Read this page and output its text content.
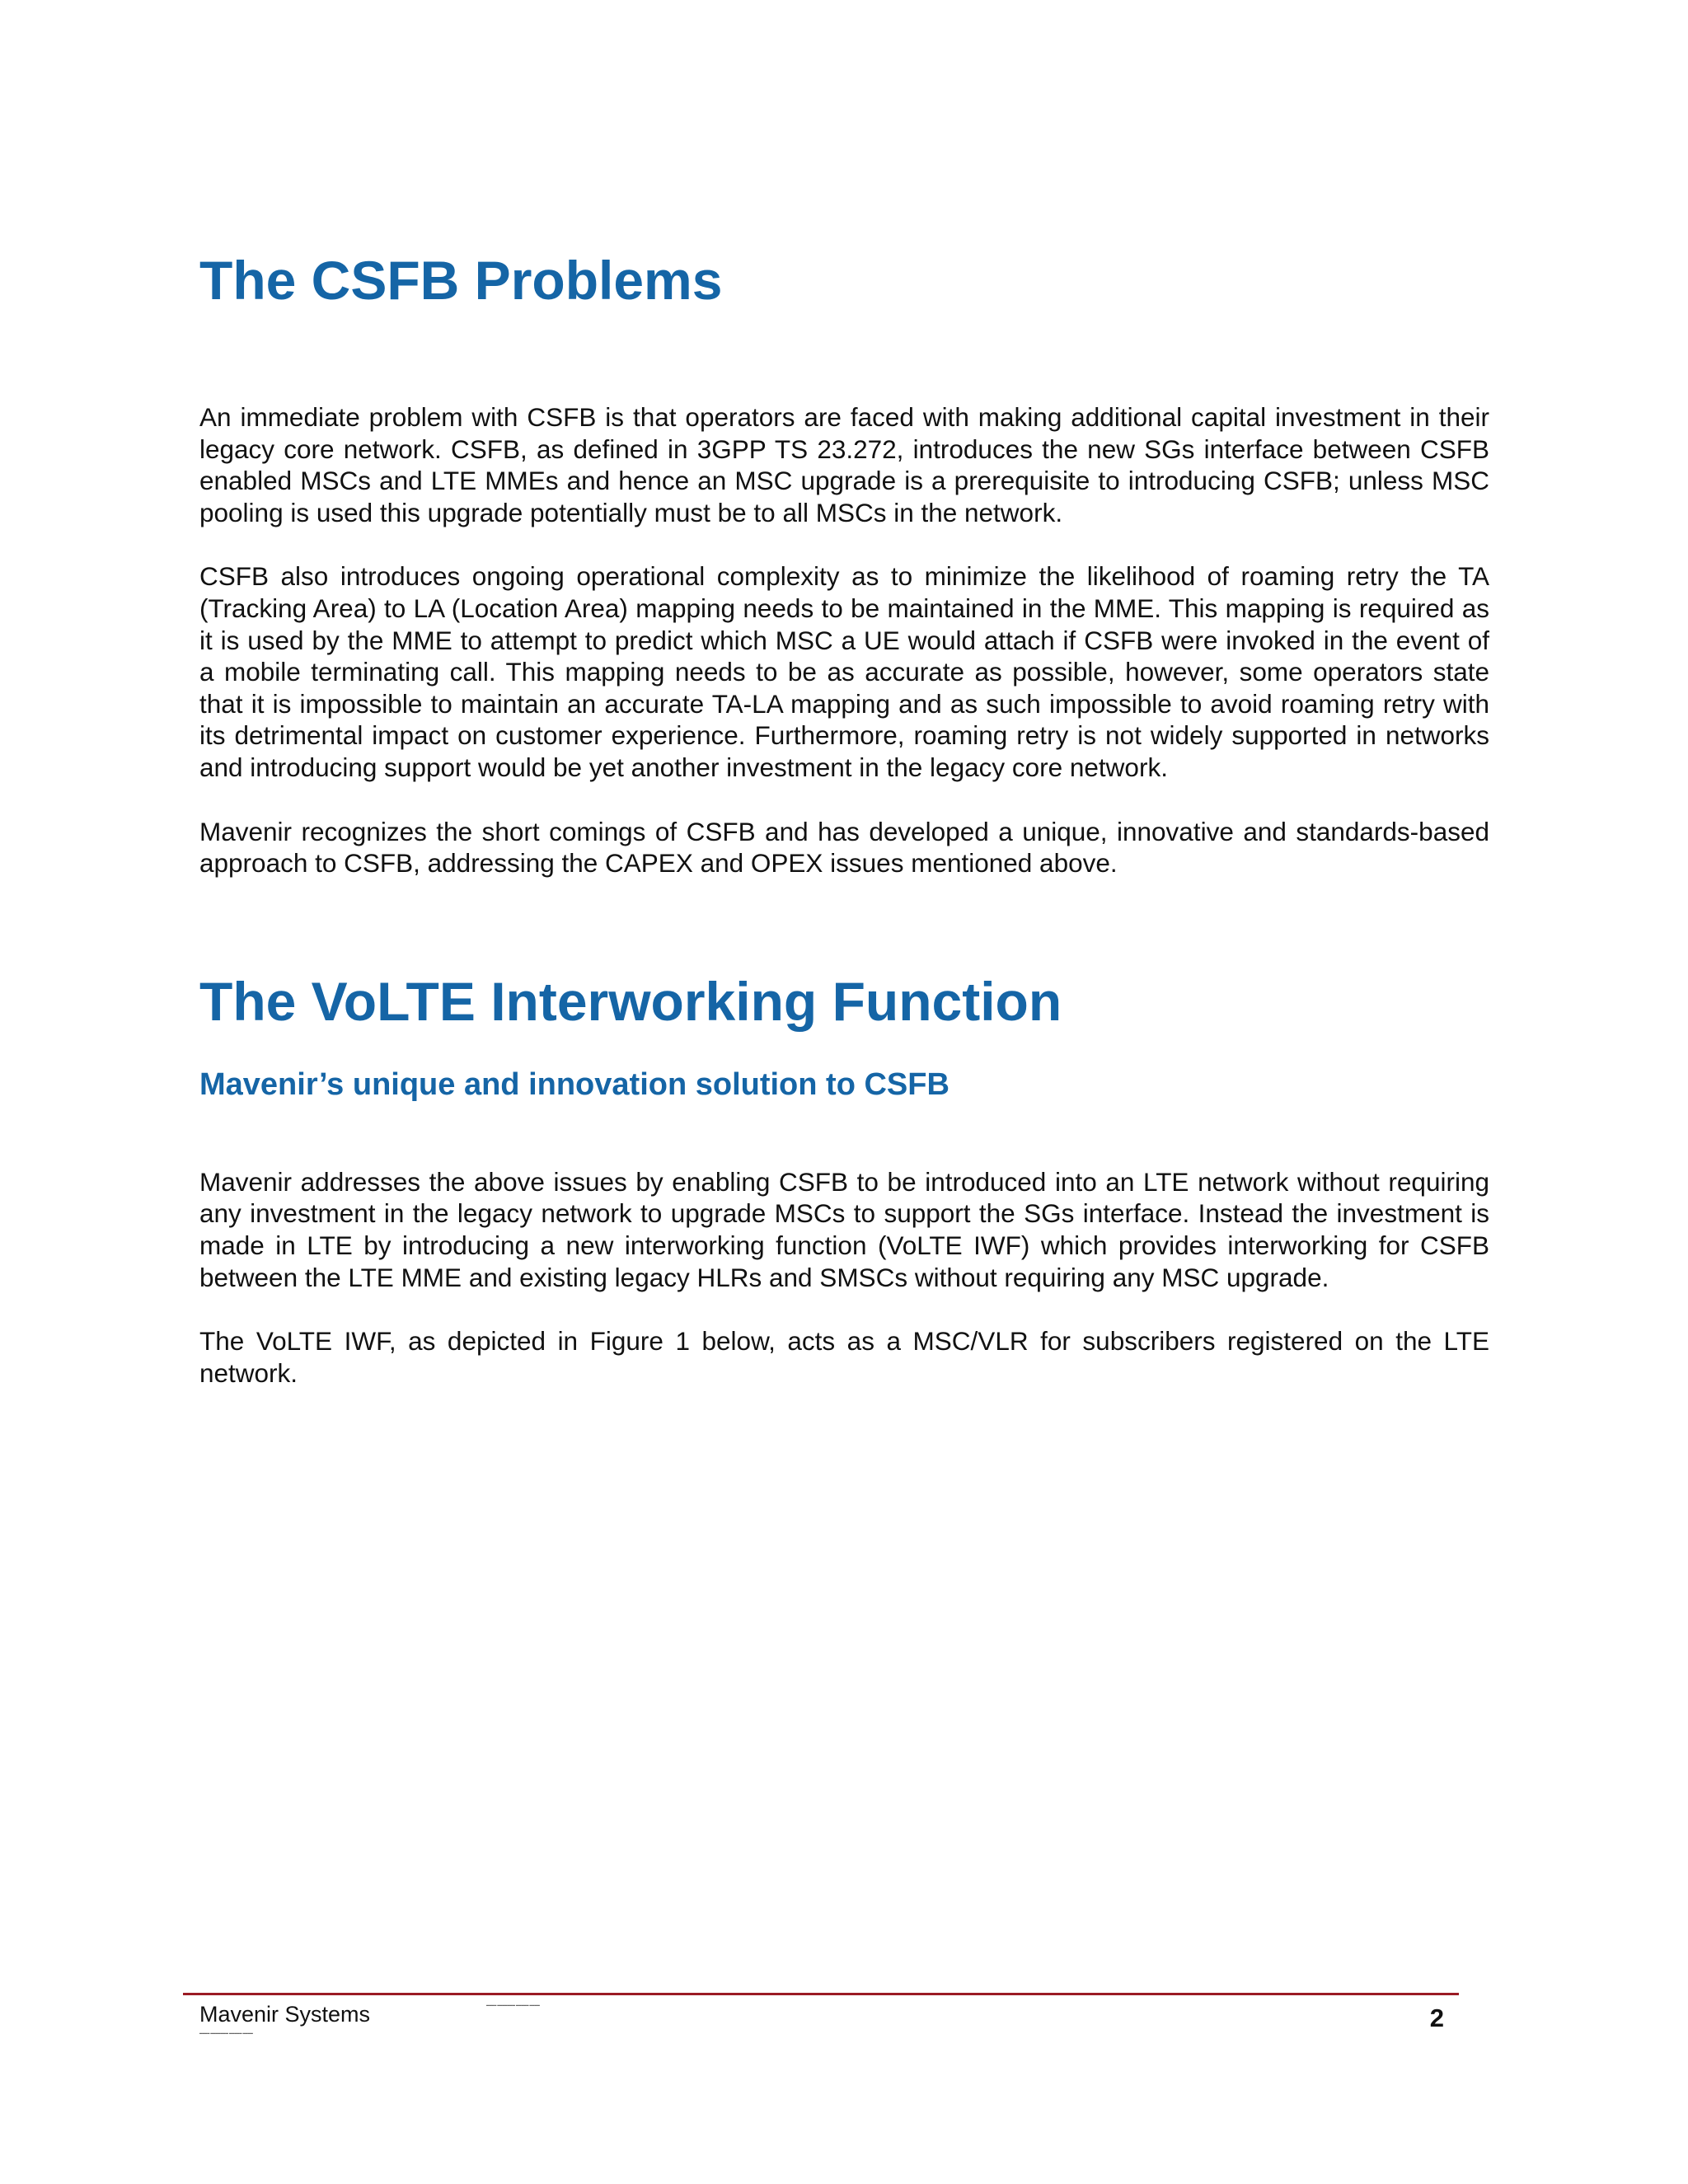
The CSFB Problems

An immediate problem with CSFB is that operators are faced with making additional capital investment in their legacy core network. CSFB, as defined in 3GPP TS 23.272, introduces the new SGs interface between CSFB enabled MSCs and LTE MMEs and hence an MSC upgrade is a prerequisite to introducing CSFB; unless MSC pooling is used this upgrade potentially must be to all MSCs in the network.

CSFB also introduces ongoing operational complexity as to minimize the likelihood of roaming retry the TA (Tracking Area) to LA (Location Area) mapping needs to be maintained in the MME. This mapping is required as it is used by the MME to attempt to predict which MSC a UE would attach if CSFB were invoked in the event of a mobile terminating call. This mapping needs to be as accurate as possible, however, some operators state that it is impossible to maintain an accurate TA-LA mapping and as such impossible to avoid roaming retry with its detrimental impact on customer experience. Furthermore, roaming retry is not widely supported in networks and introducing support would be yet another investment in the legacy core network.

Mavenir recognizes the short comings of CSFB and has developed a unique, innovative and standards-based approach to CSFB, addressing the CAPEX and OPEX issues mentioned above.

The VoLTE Interworking Function
Mavenir’s unique and innovation solution to CSFB

Mavenir addresses the above issues by enabling CSFB to be introduced into an LTE network without requiring any investment in the legacy network to upgrade MSCs to support the SGs interface. Instead the investment is made in LTE by introducing a new interworking function (VoLTE IWF) which provides interworking for CSFB between the LTE MME and existing legacy HLRs and SMSCs without requiring any MSC upgrade.

The VoLTE IWF, as depicted in Figure 1 below, acts as a MSC/VLR for subscribers registered on the LTE network.

Mavenir Systems	2
▂▂▂▂ ▂▂▂▂▂▂▂ ▂▂▂▂▂ ▂▂▂▂
▂▂▂▂ ▂▂▂▂▂▂▂ ▂▂▂▂▂ ▂▂▂▂
